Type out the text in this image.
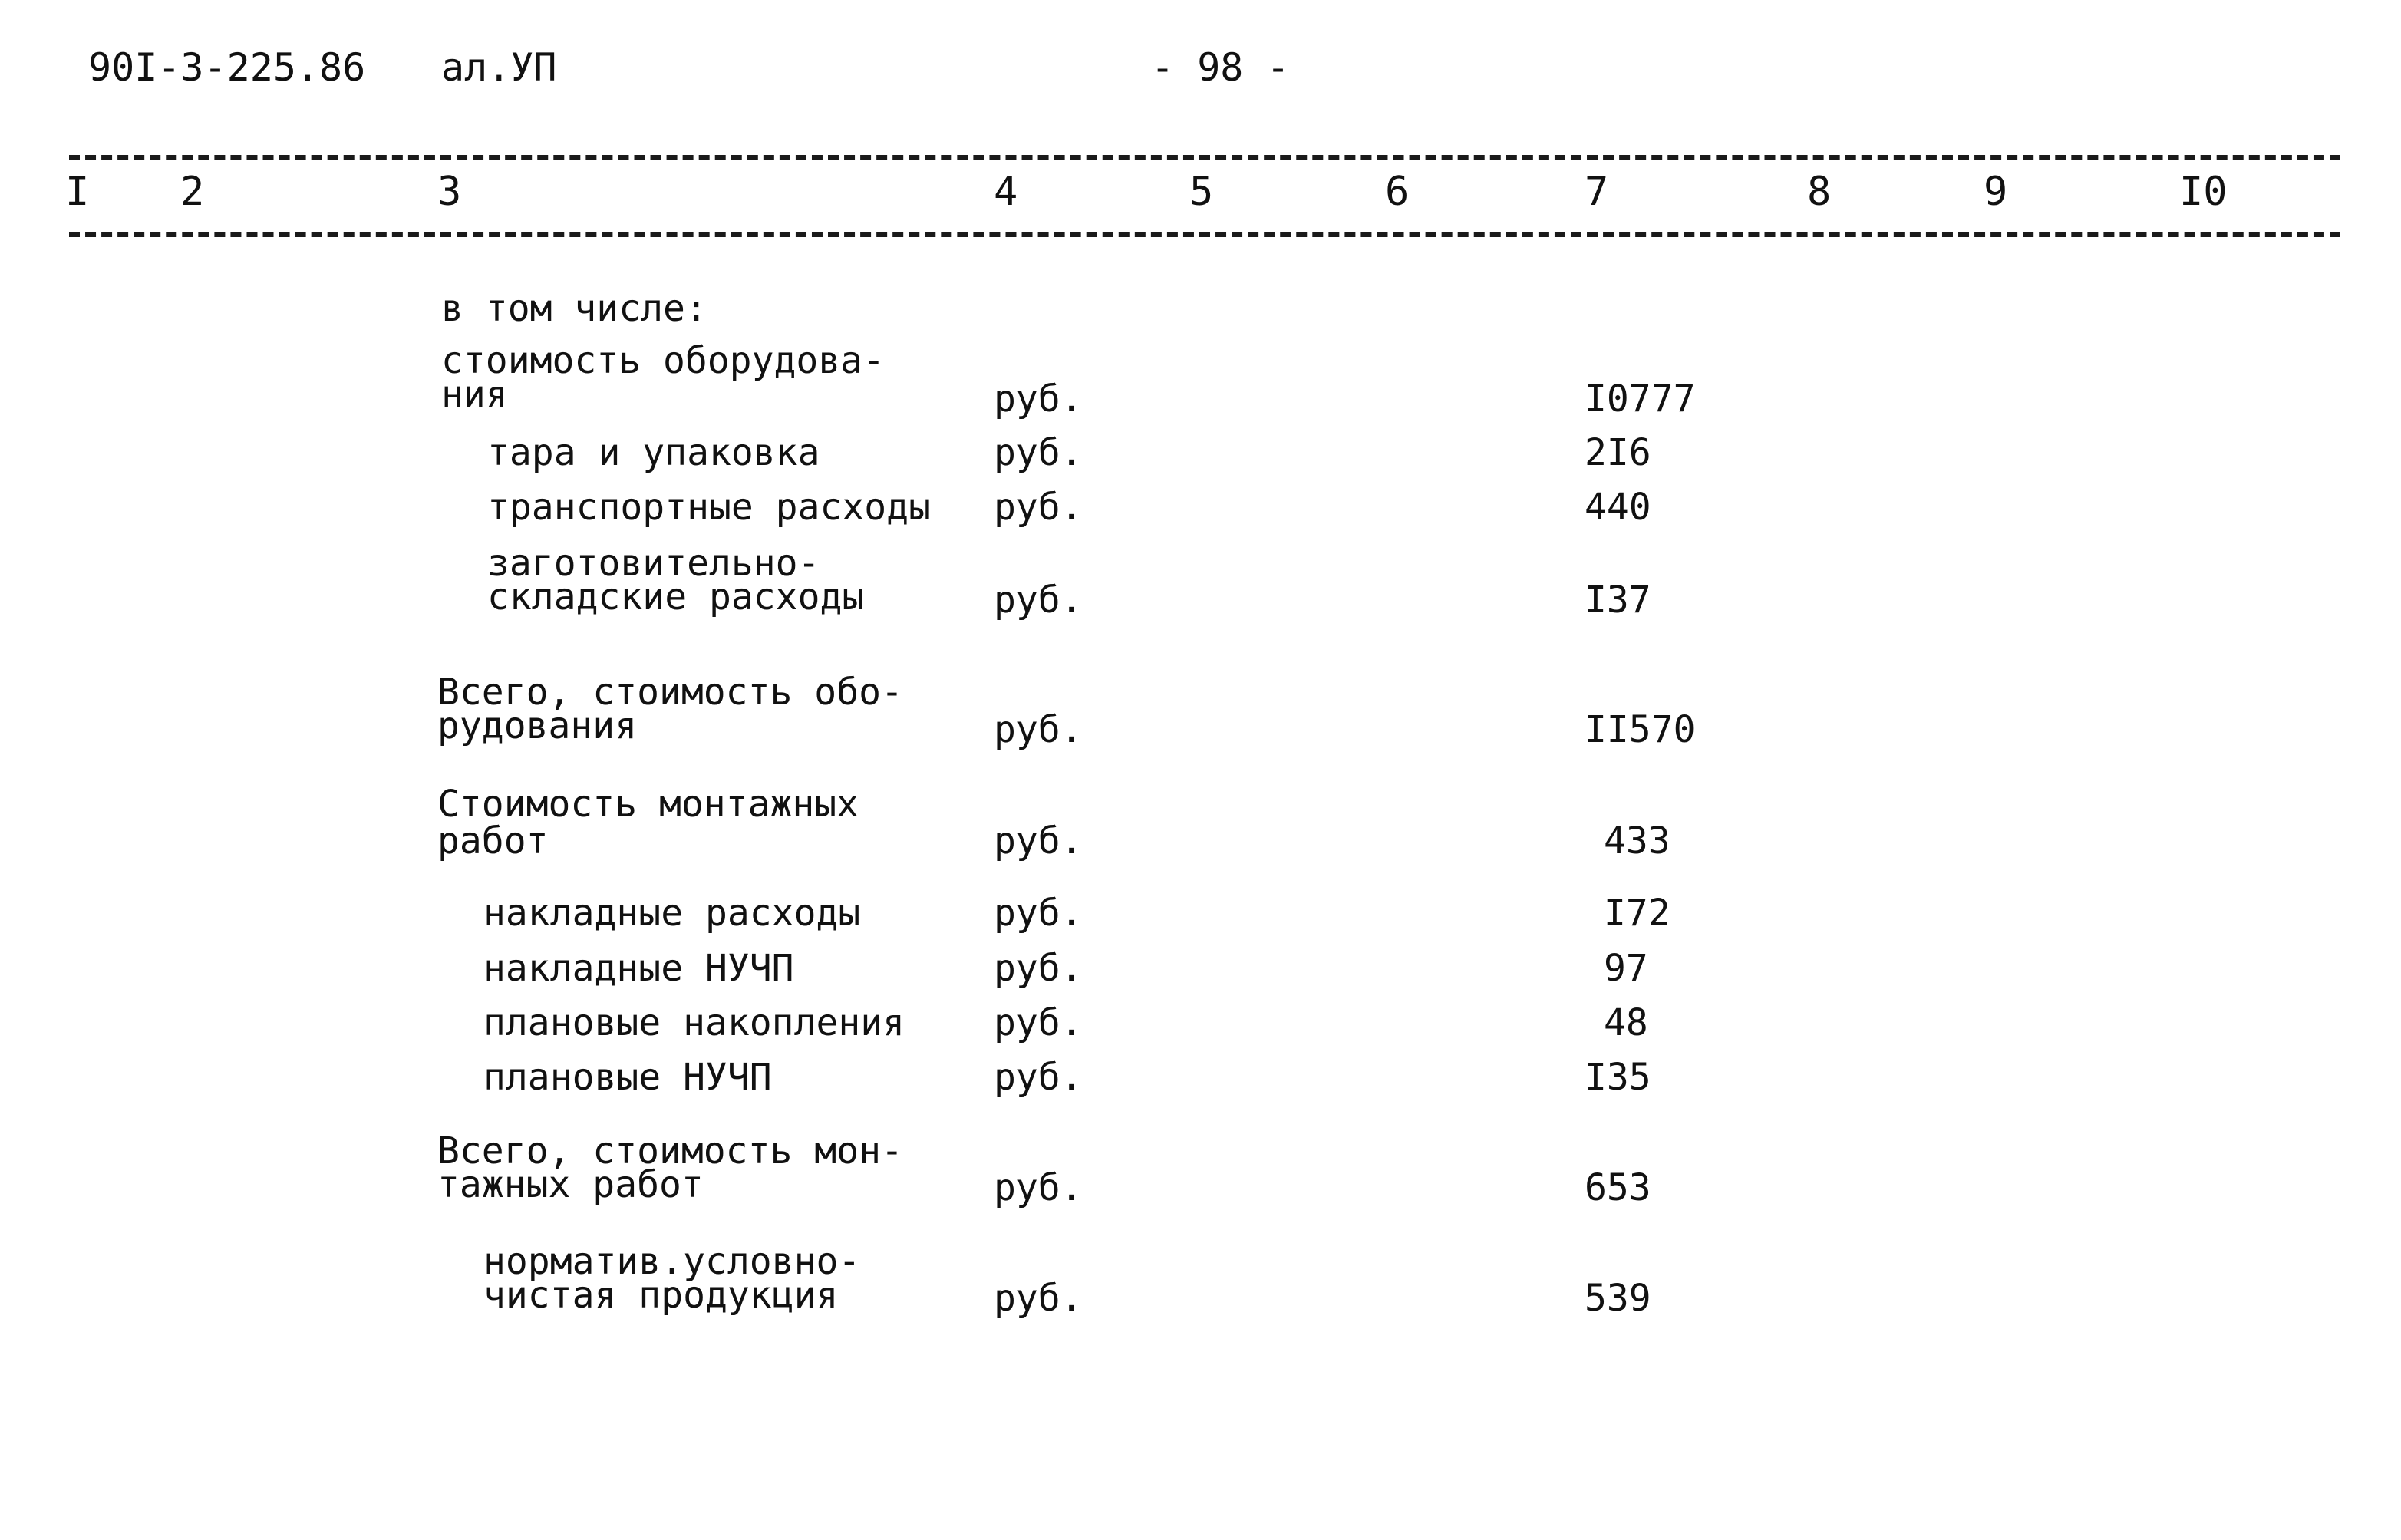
90I-3-225.86 ал.УП	- 98 -
I 2	3	4	5	6	7	8	9	I0
в том числе:
стоимость оборудова-
ния	руб.	I0777
тара и упаковка	руб.	2I6
транспортные расходы руб.	440
заготовительно-
складские расходы	руб.	I37
Всего, стоимость обо-
рудования	руб.	II570
Стоимость монтажных
работ	руб.	433
накладные расходы	руб.	I72
накладные НУЧП	руб.	97
плановые накопления руб.	48
плановые НУЧП	руб.	I35
Всего, стоимость мон-
тажных работ	руб.	653
норматив.условно-
чистая продукция	руб.	539
